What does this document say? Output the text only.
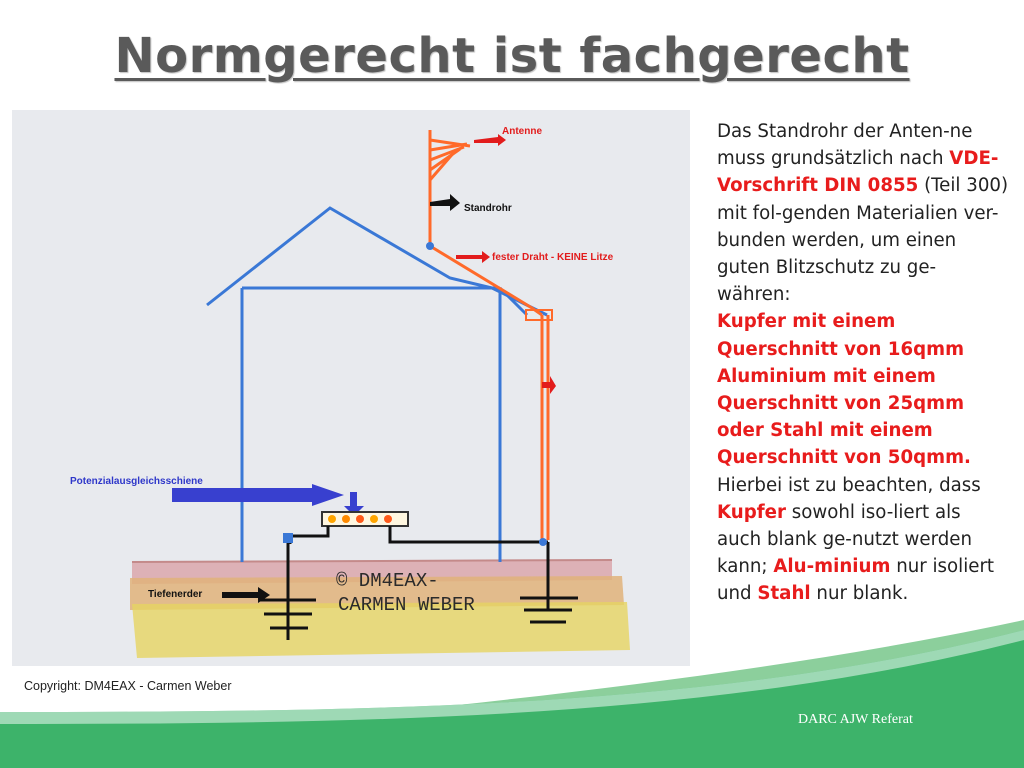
Normgerecht ist fachgerecht
Antenne
Standrohr
fester Draht - KEINE Litze
Potenzialausgleichsschiene
Tiefenerder
© DM4EAX-
CARMEN WEBER
Das Standrohr der Anten-ne muss grundsätzlich nach VDE-Vorschrift DIN 0855 (Teil 300) mit fol-genden Materialien ver-bunden werden, um einen guten Blitzschutz zu ge-währen:
Kupfer mit einem Querschnitt von 16qmm Aluminium mit einem Querschnitt von 25qmm oder Stahl mit einem Querschnitt von 50qmm.
Hierbei ist zu beachten, dass Kupfer sowohl iso-liert als auch blank ge-nutzt werden kann; Alu-minium nur isoliert und Stahl nur blank.
Copyright: DM4EAX - Carmen Weber
DARC AJW Referat
